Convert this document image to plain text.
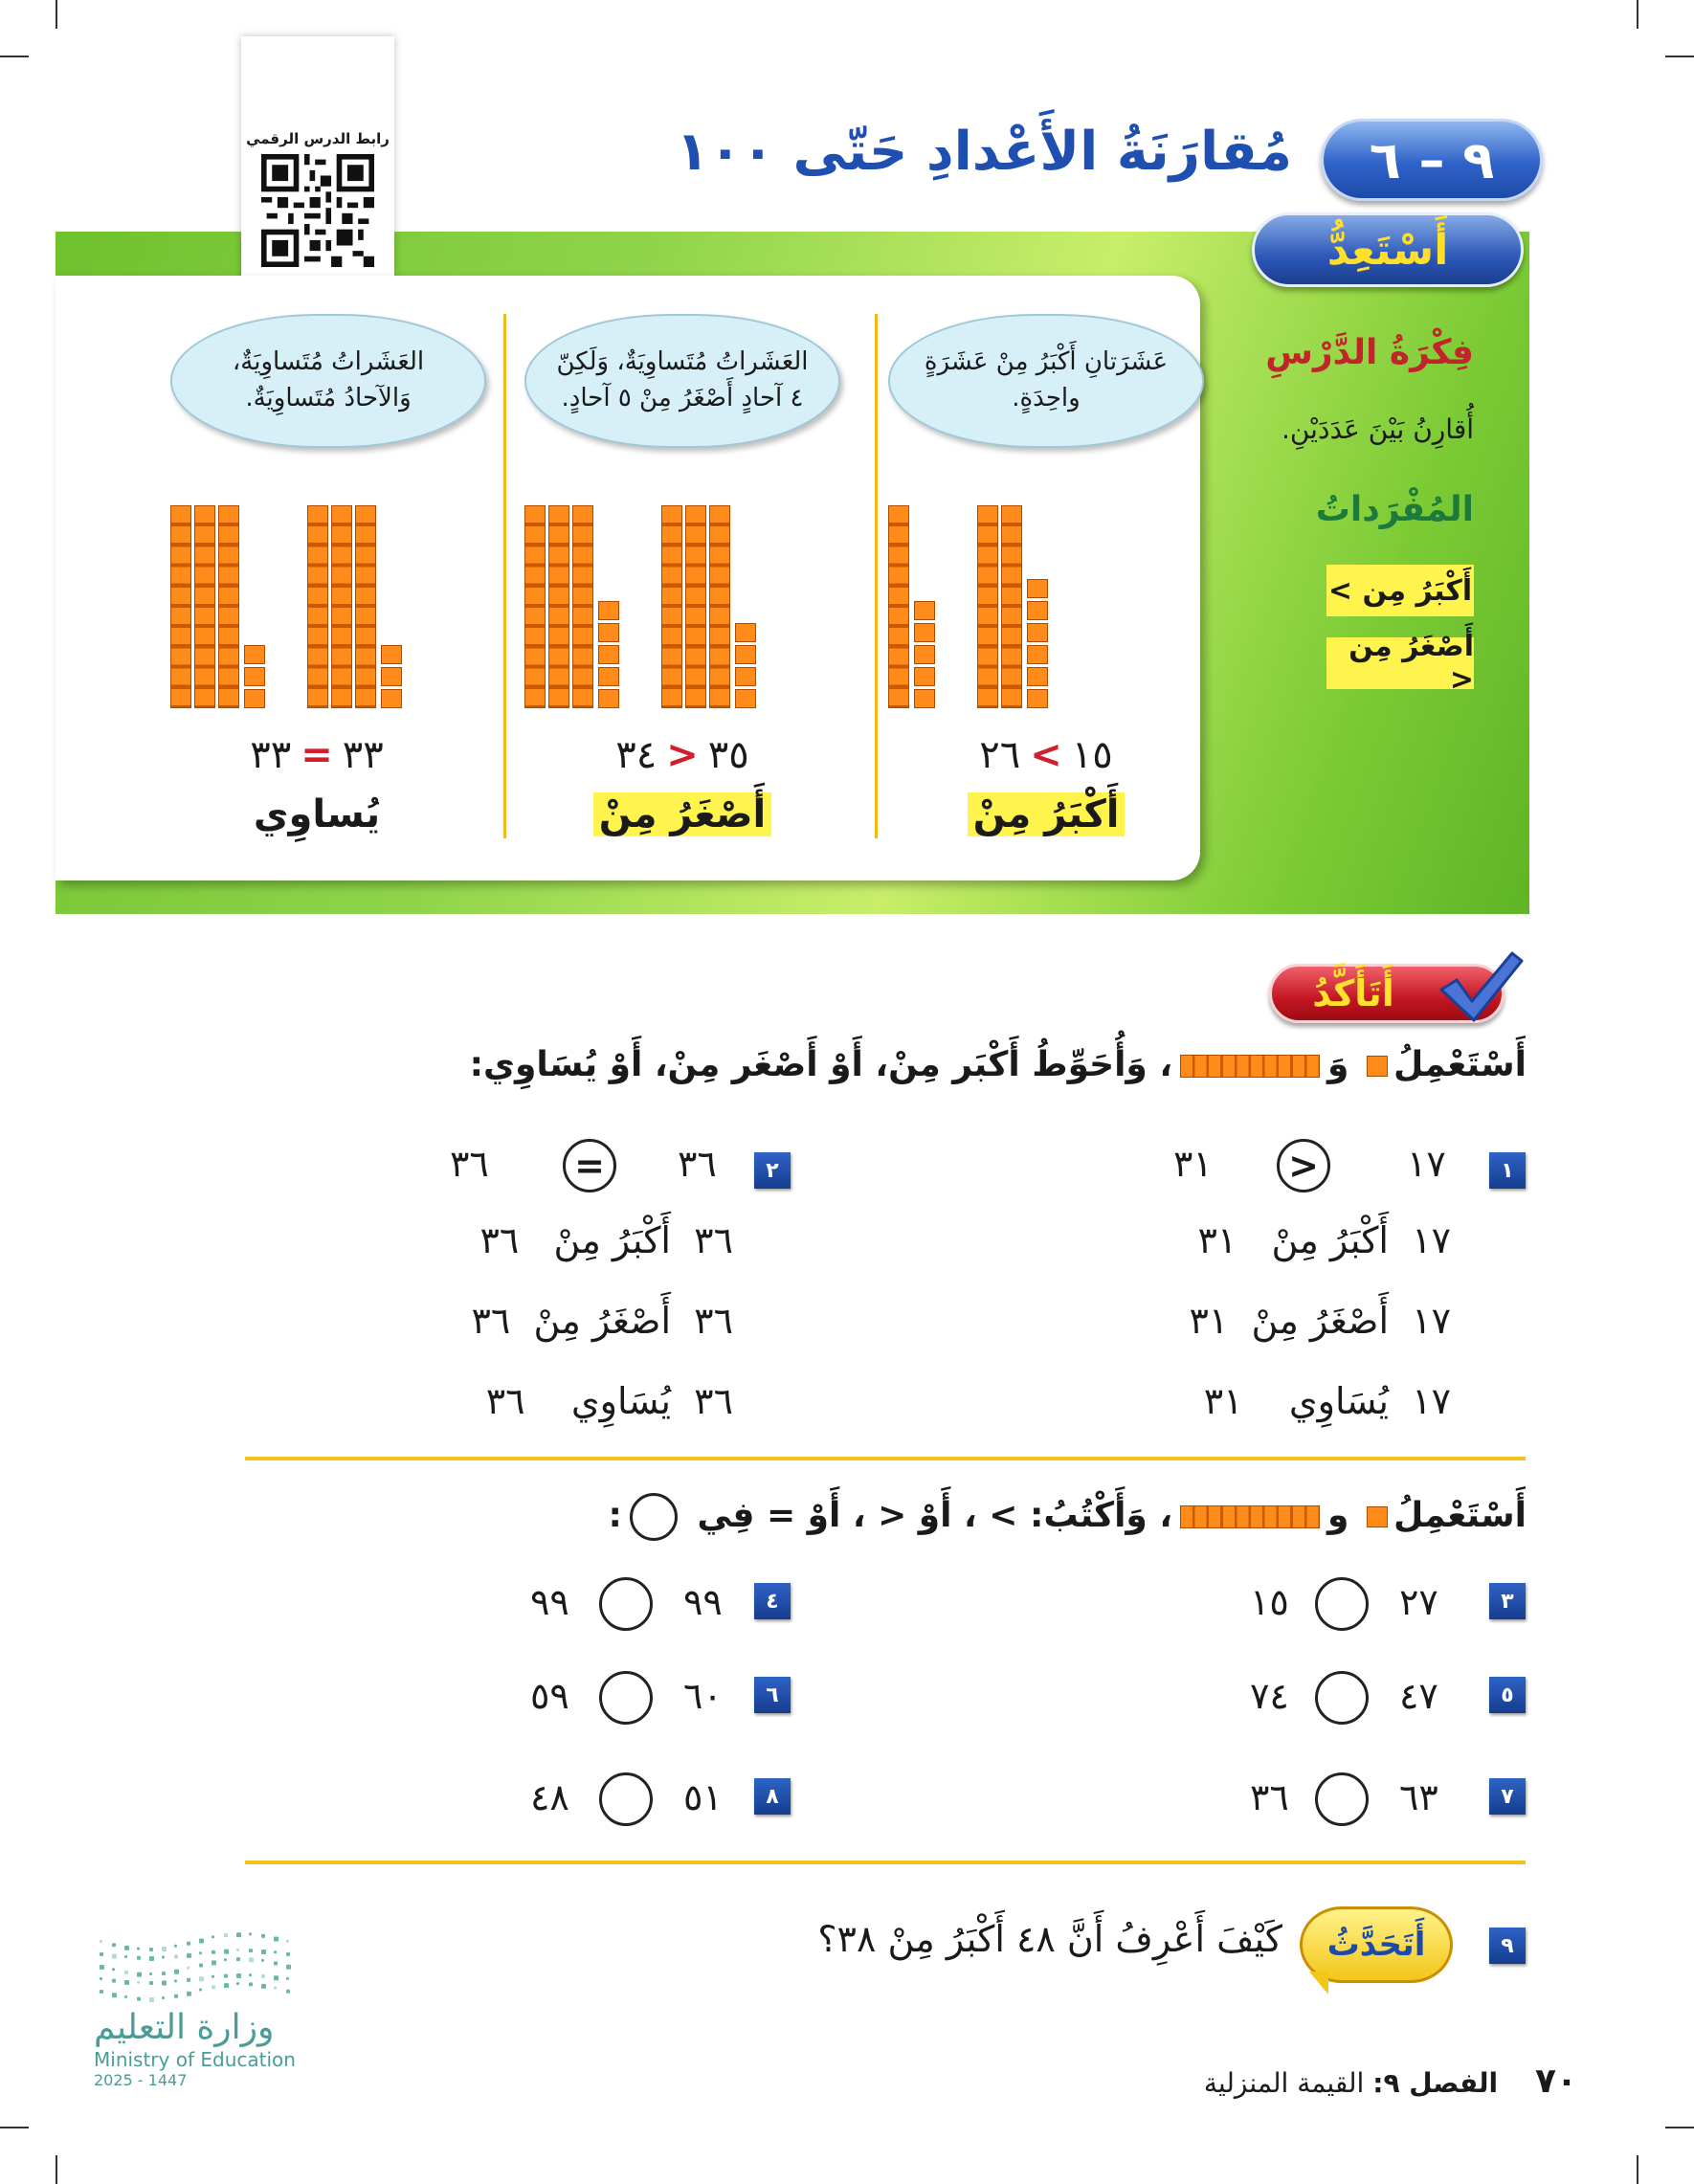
رابط الدرس الرقمي	٩ – ٦
مُقارَنَةُ الأَعْدادِ حَتّى ١٠٠
أَسْتَعِدُّ
عَشَرَتانِ أَكْبَرُ مِنْ عَشَرَةٍ واحِدَةٍ.
١٥>٢٦
أَكْبَرُ مِنْ
العَشَراتُ مُتَساوِيَةٌ، وَلَكِنّ ٤ آحادٍ أَصْغَرُ مِنْ ٥ آحادٍ.
٣٥<٣٤
أَصْغَرُ مِنْ
العَشَراتُ مُتَساوِيَةٌ، وَالآحادُ مُتَساوِيَةٌ.
٣٣=٣٣
يُساوِي
فِكْرَةُ الدَّرْسِ
أُقارِنُ بَيْنَ عَدَدَيْنِ.
المُفْرَداتُ
أَكْبَرُ مِن >
أَصْغَرُ مِن <
أَتَأَكَّدُ
أَسْتَعْمِلُ وَ، وَأُحَوِّطُ أَكْبَر مِنْ، أَوْ أَصْغَر مِنْ، أَوْ يُسَاوِي:
١
١٧
>
٣١
٢
٣٦
=
٣٦
١٧  أَكْبَرُ مِنْ   ٣١
١٧  أَصْغَرُ مِنْ  ٣١
١٧  يُسَاوِي    ٣١
٣٦  أَكْبَرُ مِنْ   ٣٦
٣٦  أَصْغَرُ مِنْ  ٣٦
٣٦  يُسَاوِي    ٣٦
أَسْتَعْمِلُ و، وَأَكْتُبُ: > ، أَوْ < ، أَوْ = فِي :
٣
٢٧
١٥
٤
٩٩
٩٩
٥
٤٧
٧٤
٦
٦٠
٥٩
٧
٦٣
٣٦
٨
٥١
٤٨
٩
أَتَحَدَّثُ
كَيْفَ أَعْرِفُ أَنَّ ٤٨ أَكْبَرُ مِنْ ٣٨؟
وزارة التعليم
Ministry of Education
2025 - 1447	٧٠ الفصل ٩: القيمة المنزلية
